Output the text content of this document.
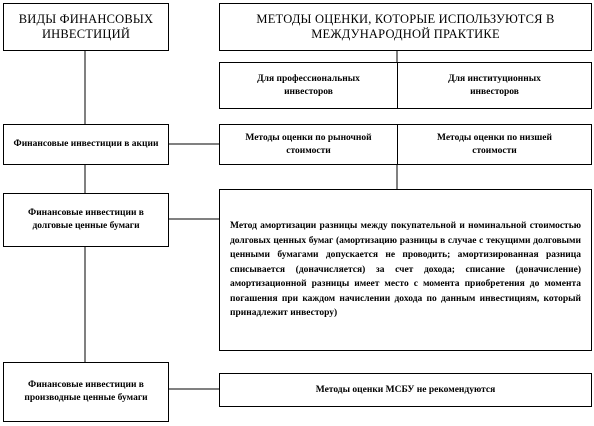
ВИДЫ ФИНАНСОВЫХ ИНВЕСТИЦИЙ
МЕТОДЫ ОЦЕНКИ, КОТОРЫЕ ИСПОЛЬЗУЮТСЯ В МЕЖДУНАРОДНОЙ ПРАКТИКЕ
Для профессиональных инвесторов
Для институционных инвесторов
Финансовые инвестиции в акции
Методы оценки по рыночной стоимости
Методы оценки по низшей стоимости
Финансовые инвестиции в долговые ценные бумаги	Метод амортизации разницы между покупательной и номинальной стоимостью долговых ценных бумаг (амортизацию разницы в случае с текущими долговыми ценными бумагами допускается не проводить; амортизированная разница списывается (доначисляется) за счет дохода; списание (доначисление) амортизационной разницы имеет место с момента приобретения до момента погашения при каждом начислении дохода по данным инвестициям, который принадлежит инвестору)
Финансовые инвестиции в производные ценные бумаги
Методы оценки МСБУ не рекомендуются
